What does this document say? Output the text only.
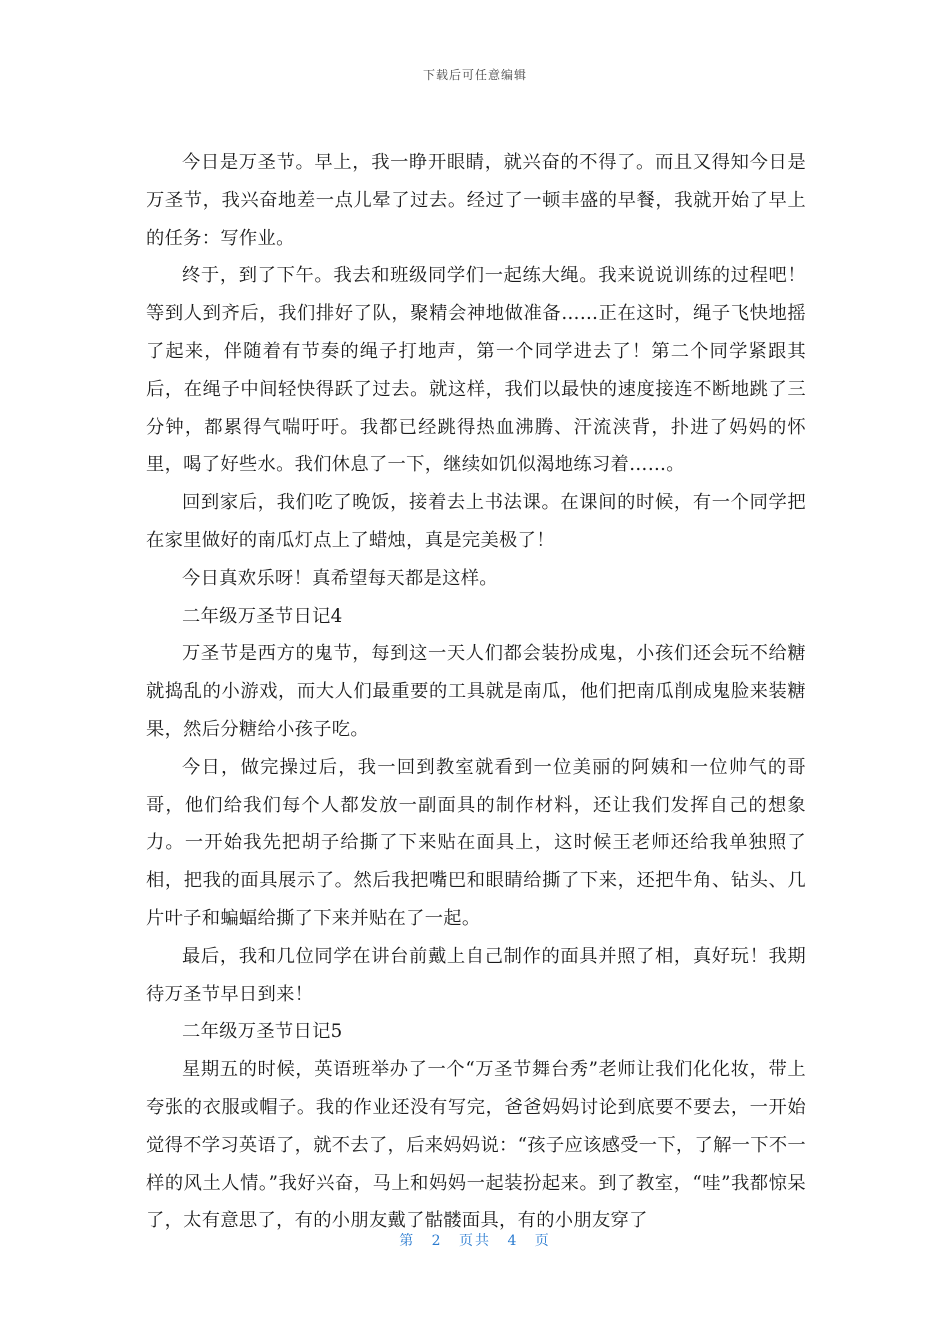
下载后可任意编辑

今日是万圣节。早上，我一睁开眼睛，就兴奋的不得了。而且又得知今日是万圣节，我兴奋地差一点儿晕了过去。经过了一顿丰盛的早餐，我就开始了早上的任务：写作业。

终于，到了下午。我去和班级同学们一起练大绳。我来说说训练的过程吧！等到人到齐后，我们排好了队，聚精会神地做准备……正在这时，绳子飞快地摇了起来，伴随着有节奏的绳子打地声，第一个同学进去了！第二个同学紧跟其后，在绳子中间轻快得跃了过去。就这样，我们以最快的速度接连不断地跳了三分钟，都累得气喘吁吁。我都已经跳得热血沸腾、汗流浃背，扑进了妈妈的怀里，喝了好些水。我们休息了一下，继续如饥似渴地练习着……。

回到家后，我们吃了晚饭，接着去上书法课。在课间的时候，有一个同学把在家里做好的南瓜灯点上了蜡烛，真是完美极了！

今日真欢乐呀！真希望每天都是这样。

二年级万圣节日记4

万圣节是西方的鬼节，每到这一天人们都会装扮成鬼，小孩们还会玩不给糖就捣乱的小游戏，而大人们最重要的工具就是南瓜，他们把南瓜削成鬼脸来装糖果，然后分糖给小孩子吃。

今日，做完操过后，我一回到教室就看到一位美丽的阿姨和一位帅气的哥哥，他们给我们每个人都发放一副面具的制作材料，还让我们发挥自己的想象力。一开始我先把胡子给撕了下来贴在面具上，这时候王老师还给我单独照了相，把我的面具展示了。然后我把嘴巴和眼睛给撕了下来，还把牛角、钻头、几片叶子和蝙蝠给撕了下来并贴在了一起。

最后，我和几位同学在讲台前戴上自己制作的面具并照了相，真好玩！我期待万圣节早日到来！

二年级万圣节日记5

星期五的时候，英语班举办了一个“万圣节舞台秀”老师让我们化化妆，带上夸张的衣服或帽子。我的作业还没有写完，爸爸妈妈讨论到底要不要去，一开始觉得不学习英语了，就不去了，后来妈妈说：“孩子应该感受一下，了解一下不一样的风土人情。”我好兴奋，马上和妈妈一起装扮起来。到了教室，“哇”我都惊呆了，太有意思了，有的小朋友戴了骷髅面具，有的小朋友穿了

第 2 页共 4 页
